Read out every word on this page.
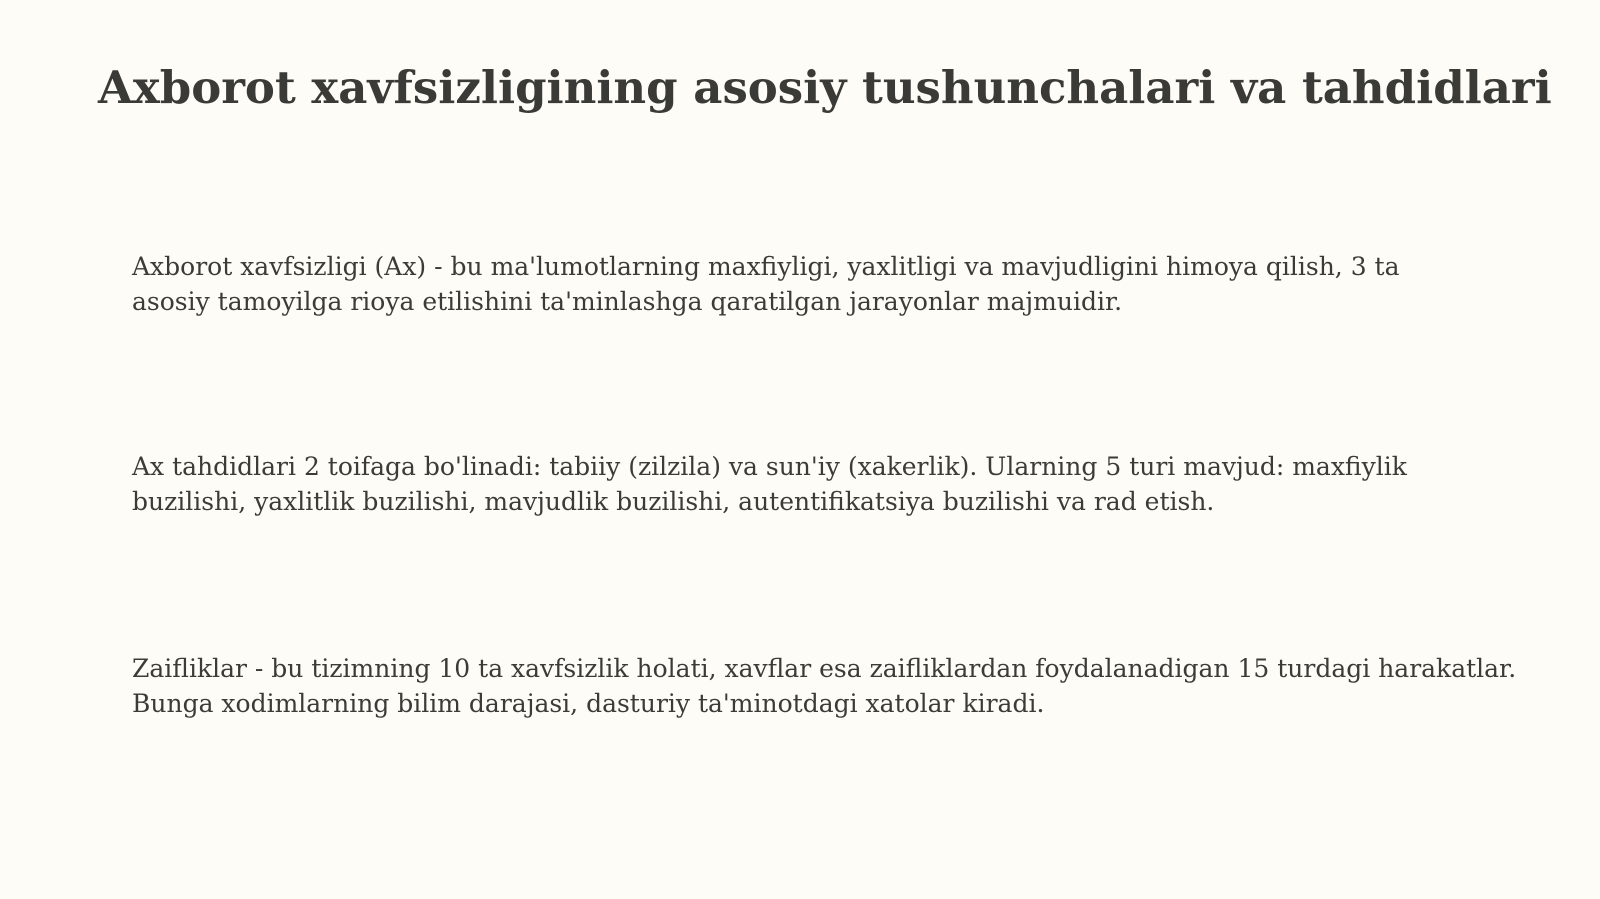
Axborot xavfsizligining asosiy tushunchalari va tahdidlari

Axborot xavfsizligi (Ax) - bu ma'lumotlarning maxfiyligi, yaxlitligi va mavjudligini himoya qilish, 3 ta asosiy tamoyilga rioya etilishini ta'minlashga qaratilgan jarayonlar majmuidir.

Ax tahdidlari 2 toifaga bo'linadi: tabiiy (zilzila) va sun'iy (xakerlik). Ularning 5 turi mavjud: maxfiylik buzilishi, yaxlitlik buzilishi, mavjudlik buzilishi, autentifikatsiya buzilishi va rad etish.

Zaifliklar - bu tizimning 10 ta xavfsizlik holati, xavflar esa zaifliklardan foydalanadigan 15 turdagi harakatlar. Bunga xodimlarning bilim darajasi, dasturiy ta'minotdagi xatolar kiradi.
